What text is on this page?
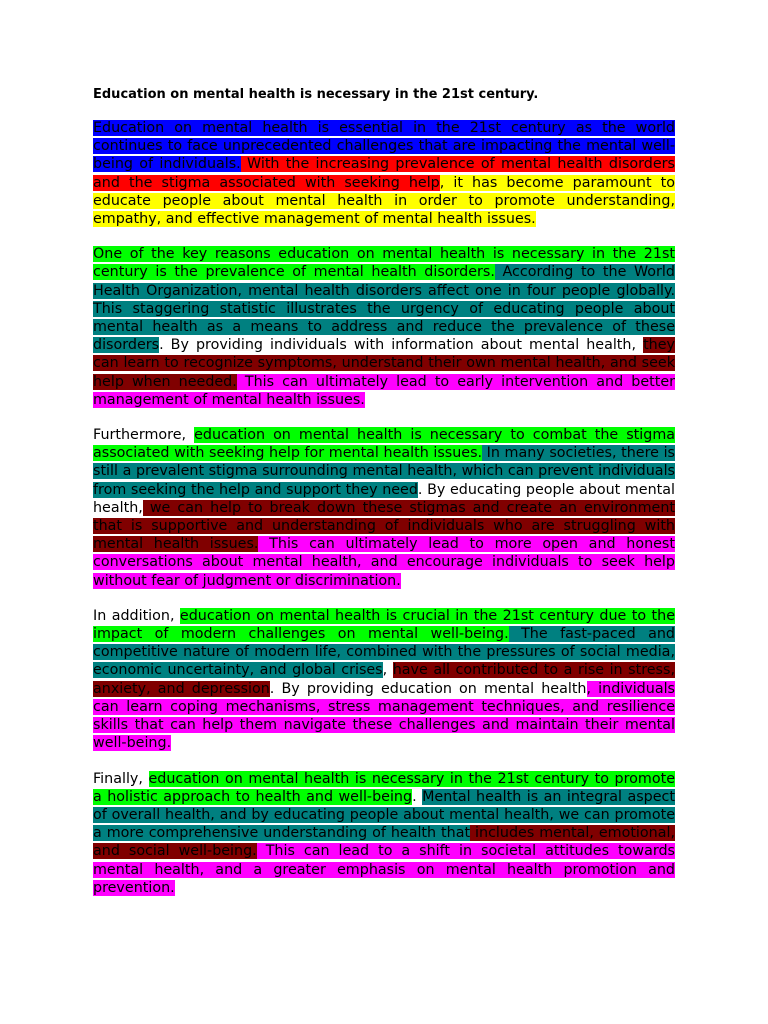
Education on mental health is necessary in the 21st century.
Education on mental health is essential in the 21st century as the world continues to face unprecedented challenges that are impacting the mental well-being of individuals. With the increasing prevalence of mental health disorders and the stigma associated with seeking help, it has become paramount to educate people about mental health in order to promote understanding, empathy, and effective management of mental health issues.
One of the key reasons education on mental health is necessary in the 21st century is the prevalence of mental health disorders. According to the World Health Organization, mental health disorders affect one in four people globally. This staggering statistic illustrates the urgency of educating people about mental health as a means to address and reduce the prevalence of these disorders. By providing individuals with information about mental health, they can learn to recognize symptoms, understand their own mental health, and seek help when needed. This can ultimately lead to early intervention and better management of mental health issues.
Furthermore, education on mental health is necessary to combat the stigma associated with seeking help for mental health issues. In many societies, there is still a prevalent stigma surrounding mental health, which can prevent individuals from seeking the help and support they need. By educating people about mental health, we can help to break down these stigmas and create an environment that is supportive and understanding of individuals who are struggling with mental health issues. This can ultimately lead to more open and honest conversations about mental health, and encourage individuals to seek help without fear of judgment or discrimination.
In addition, education on mental health is crucial in the 21st century due to the impact of modern challenges on mental well-being. The fast-paced and competitive nature of modern life, combined with the pressures of social media, economic uncertainty, and global crises, have all contributed to a rise in stress, anxiety, and depression. By providing education on mental health, individuals can learn coping mechanisms, stress management techniques, and resilience skills that can help them navigate these challenges and maintain their mental well-being.
Finally, education on mental health is necessary in the 21st century to promote a holistic approach to health and well-being. Mental health is an integral aspect of overall health, and by educating people about mental health, we can promote a more comprehensive understanding of health that includes mental, emotional, and social well-being. This can lead to a shift in societal attitudes towards mental health, and a greater emphasis on mental health promotion and prevention.
